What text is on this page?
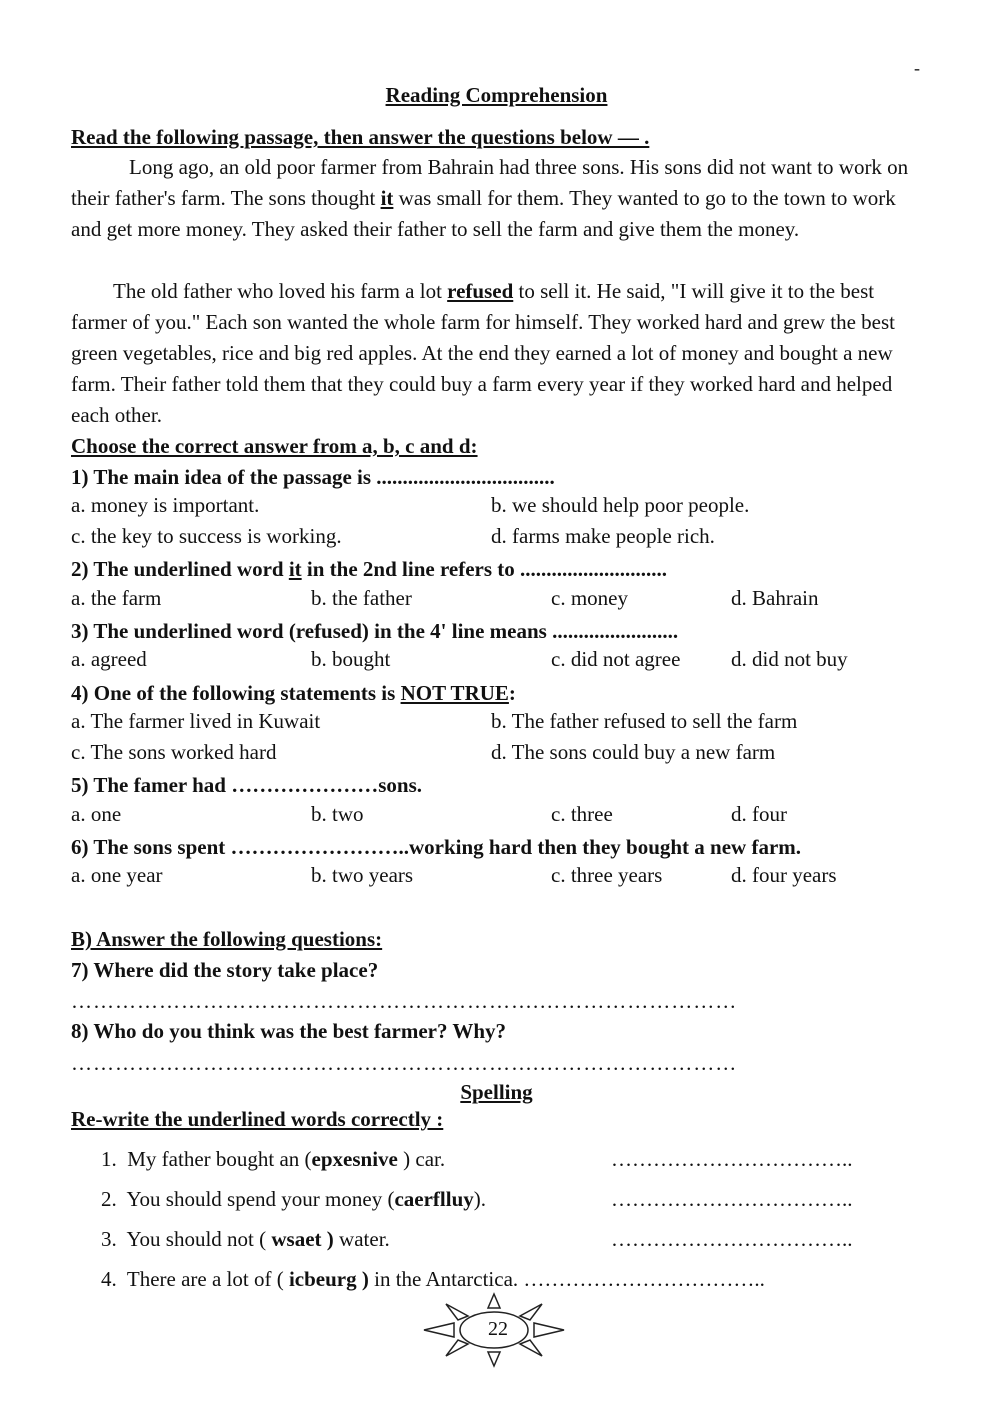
-
Reading Comprehension
Read the following passage, then answer the questions below — .

Long ago, an old poor farmer from Bahrain had three sons. His sons did not want to work on their father's farm. The sons thought it was small for them. They wanted to go to the town to work and get more money. They asked their father to sell the farm and give them the money.

The old father who loved his farm a lot refused to sell it. He said, "I will give it to the best farmer of you." Each son wanted the whole farm for himself. They worked hard and grew the best green vegetables, rice and big red apples. At the end they earned a lot of money and bought a new farm. Their father told them that they could buy a farm every year if they worked hard and helped each other.

Choose the correct answer from a, b, c and d:
1) The main idea of the passage is ..................................
a. money is important.	b. we should help poor people.
c. the key to success is working.	d. farms make people rich.
2) The underlined word it in the 2nd line refers to ............................
a. the farm	b. the father	c. money	d. Bahrain
3) The underlined word (refused) in the 4' line means ........................
a. agreed	b. bought	c. did not agree d. did not buy
4) One of the following statements is NOT TRUE:
a. The farmer lived in Kuwait	b. The father refused to sell the farm
c. The sons worked hard	d. The sons could buy a new farm
5) The famer had …………………sons.
a. one	b. two	c. three	d. four
6) The sons spent ……………………..working hard then they bought a new farm.
a. one year	b. two years	c. three years	d. four years
B) Answer the following questions:
7) Where did the story take place?
……………………………………………………….………………………
8) Who do you think was the best farmer? Why?
……………………………………………………….………………………
Spelling
Re-write the underlined words correctly :
1. My father bought an (epxesnive ) car.	……………………………..
2. You should spend your money (caerflluy).	……………………………..
3. You should not ( wsaet ) water.	……………………………..
4.  There are a lot of ( icbeurg ) in the Antarctica. ……………………………..
22
